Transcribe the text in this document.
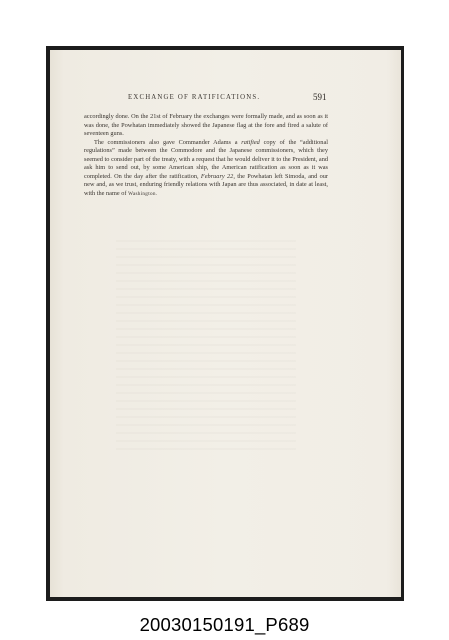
EXCHANGE OF RATIFICATIONS.	591

accordingly done. On the 21st of February the exchanges were formally made, and as soon as it was done, the Powhatan immediately showed the Japanese flag at the fore and fired a salute of seventeen guns.

The commissioners also gave Commander Adams a ratified copy of the “additional regulations” made between the Commodore and the Japanese commissioners, which they seemed to consider part of the treaty, with a request that he would deliver it to the President, and ask him to send out, by some American ship, the American ratification as soon as it was completed. On the day after the ratification, February 22, the Powhatan left Simoda, and our new and, as we trust, enduring friendly relations with Japan are thus associated, in date at least, with the name of Washington.

20030150191_P689
